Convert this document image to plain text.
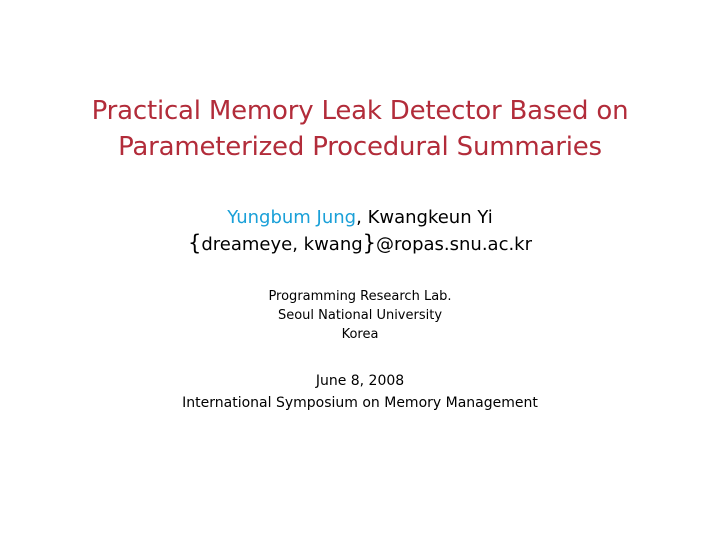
Practical Memory Leak Detector Based on
Parameterized Procedural Summaries
Yungbum Jung, Kwangkeun Yi
{dreameye, kwang}@ropas.snu.ac.kr
Programming Research Lab.
Seoul National University
Korea
June 8, 2008
International Symposium on Memory Management
